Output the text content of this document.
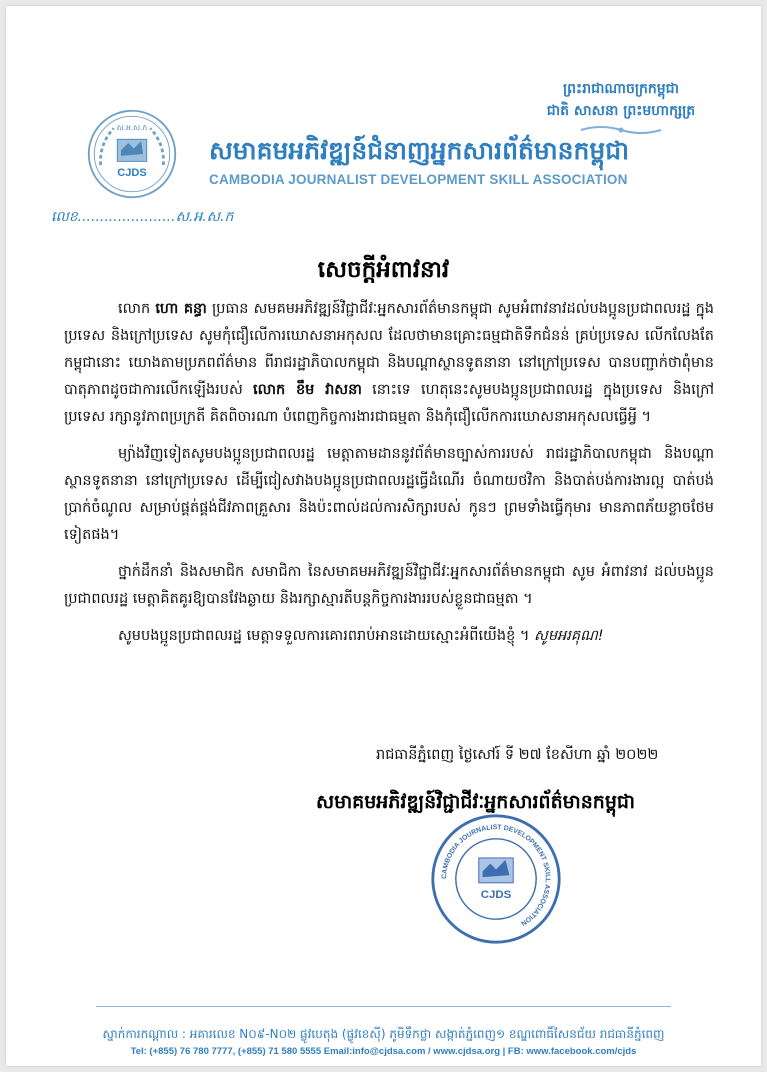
ព្រះរាជាណាចក្រកម្ពុជា
ជាតិ សាសនា ព្រះមហាក្សត្រ
ស.អ.ស.ក
CJDS
សមាគមអភិវឌ្ឍន៍ជំនាញអ្នកសារព័ត៌មានកម្ពុជា
CAMBODIA JOURNALIST DEVELOPMENT SKILL ASSOCIATION
លេខ......................ស.អ.ស.ក
សេចក្តីអំពាវនាវ

លោក ហោ គន្ធា ប្រធាន សមគមអភិវឌ្ឍន៍វិជ្ជាជីវៈអ្នកសារព័ត៌មានកម្ពុជា សូមអំពាវនាវដល់បងប្អូនប្រជាពលរដ្ឋ ក្នុងប្រទេស និងក្រៅប្រទេស សូមកុំជឿលើការឃោសនាអកុសល ដែលថាមានគ្រោះធម្មជាតិទឹកជំនន់ គ្រប់ប្រទេស លើកលែងតែកម្ពុជានោះ យោងតាមប្រភពព័ត៌មាន ពីរាជរដ្ឋាភិបាលកម្ពុជា និងបណ្តាស្ថានទូតនានា នៅក្រៅប្រទេស បានបញ្ជាក់ថាពុំមានបាតុភាពដូចជាការលើកឡើងរបស់ លោក ខឹម វាសនា នោះទេ ហេតុនេះសូមបងប្អូនប្រជាពលរដ្ឋ ក្នុងប្រទេស និងក្រៅប្រទេស រក្សានូវភាពប្រក្រតី គិតពិចារណា បំពេញកិច្ចការងារជាធម្មតា និងកុំជឿលើកការឃោសនាអកុសលធ្វើអ្វី ។

ម្យ៉ាងវិញទៀតសូមបងប្អូនប្រជាពលរដ្ឋ មេត្តាតាមដាននូវព័ត៌មានច្បាស់ការរបស់ រាជរដ្ឋាភិបាលកម្ពុជា និងបណ្តាស្ថានទូតនានា នៅក្រៅប្រទេស ដើម្បីជៀសវាងបងប្អូនប្រជាពលរដ្ឋធ្វើដំណើរ ចំណាយថវិកា និងបាត់បង់ការងារល្អ បាត់បង់ប្រាក់ចំណូល សម្រាប់ផ្គត់ផ្គង់ជីវភាពគ្រួសារ និងប៉ះពាល់ដល់ការសិក្សារបស់ កូនៗ ព្រមទាំងធ្វើកុមារ មានភាពភ័យខ្លាចថែមទៀតផង។

ថ្នាក់ដឹកនាំ និងសមាជិក សមាជិកា នៃសមាគមអភិវឌ្ឍន៍វិជ្ជាជីវៈអ្នកសារព័ត៌មានកម្ពុជា សូម អំពាវនាវ ដល់បងប្អូនប្រជាពលរដ្ឋ មេត្តាគិតគូរឱ្យបានវែងឆ្ងាយ និងរក្សាស្មារតីបន្តកិច្ចការងាររបស់ខ្លួនជាធម្មតា ។

សូមបងប្អូនប្រជាពលរដ្ឋ មេត្តាទទួលការគោរពរាប់អានដោយស្មោះអំពីយើងខ្ញុំ ។ សូមអរគុណ!

រាជធានីភ្នំពេញ ថ្ងៃសៅរ៍ ទី ២៧ ខែសីហា ឆ្នាំ ២០២២
សមាគមអភិវឌ្ឍន៍វិជ្ជាជីវៈអ្នកសារព័ត៌មានកម្ពុជា
CAMBODIA JOURNALIST DEVELOPMENT SKILL ASSOCIATION
CJDS
ស្នាក់ការកណ្តាល : អគារលេខ N០៩-N០២ ផ្លូវបេតុង (ផ្លូវខេស៊ី) ភូមិទឹកថ្លា សង្កាត់ភ្នំពេញ១ ខណ្ឌពោធិ៍សែនជ័យ រាជធានីភ្នំពេញ
Tel: (+855) 76 780 7777, (+855) 71 580 5555 Email:info@cjdsa.com / www.cjdsa.org | FB: www.facebook.com/cjds
